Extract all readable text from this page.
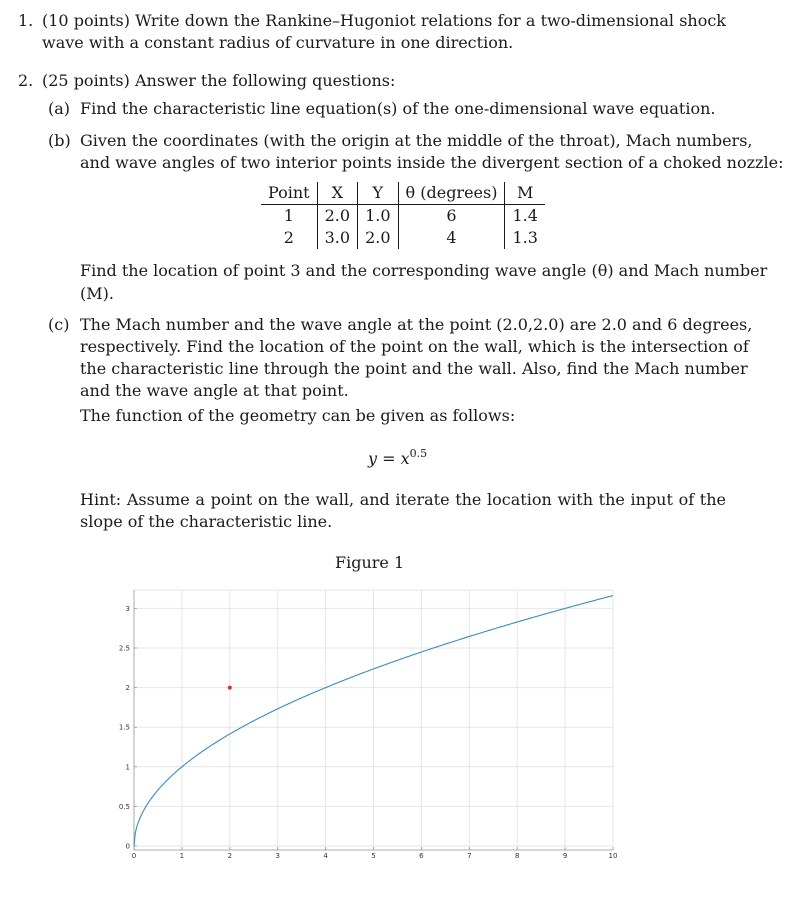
1. (10 points) Write down the Rankine–Hugoniot relations for a two-dimensional shock
wave with a constant radius of curvature in one direction.
2. (25 points) Answer the following questions:
(a) Find the characteristic line equation(s) of the one-dimensional wave equation.
(b) Given the coordinates (with the origin at the middle of the throat), Mach numbers,
and wave angles of two interior points inside the divergent section of a choked nozzle:
Point	X	Y	θ (degrees)	M
1	2.0	1.0	6	1.4
2	3.0	2.0	4	1.3
Find the location of point 3 and the corresponding wave angle (θ) and Mach number
(M).
(c) The Mach number and the wave angle at the point (2.0,2.0) are 2.0 and 6 degrees,
respectively. Find the location of the point on the wall, which is the intersection of
the characteristic line through the point and the wall. Also, find the Mach number
and the wave angle at that point.
The function of the geometry can be given as follows:
$y = x^{0.5}$
Hint: Assume a point on the wall, and iterate the location with the input of the
slope of the characteristic line.
Figure 1
0	1	2	3	4	5	6	7	8	9	10
0
0.5
1
1.5
2
2.5
3
